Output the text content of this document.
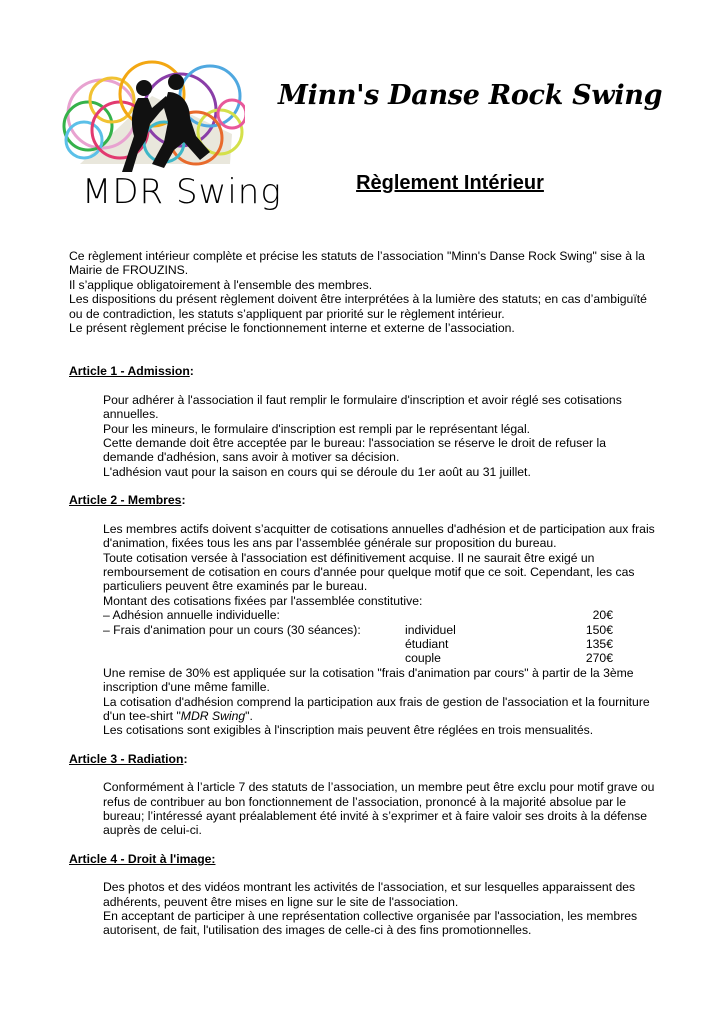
MDR Swing
Minn's Danse Rock Swing
Règlement Intérieur

Ce règlement intérieur complète et précise les statuts de l’association "Minn's Danse Rock Swing" sise à la Mairie de FROUZINS.

Il s’applique obligatoirement à l'ensemble des membres.

Les dispositions du présent règlement doivent être interprétées à la lumière des statuts; en cas d’ambiguïté ou de contradiction, les statuts s’appliquent par priorité sur le règlement intérieur.

Le présent règlement précise le fonctionnement interne et externe de l’association.

Article 1 - Admission:

Pour adhérer à l'association il faut remplir le formulaire d'inscription et avoir réglé ses cotisations annuelles.

Pour les mineurs, le formulaire d'inscription est rempli par le représentant légal.

Cette demande doit être acceptée par le bureau: l'association se réserve le droit de refuser la demande d'adhésion, sans avoir à motiver sa décision.

L'adhésion vaut pour la saison en cours qui se déroule du 1er août au 31 juillet.

Article 2 - Membres:

Les membres actifs doivent s’acquitter de cotisations annuelles d'adhésion et de participation aux frais d'animation, fixées tous les ans par l’assemblée générale sur proposition du bureau.

Toute cotisation versée à l'association est définitivement acquise. Il ne saurait être exigé un remboursement de cotisation en cours d'année pour quelque motif que ce soit. Cependant, les cas particuliers peuvent être examinés par le bureau.

Montant des cotisations fixées par l'assemblée constitutive:

– Adhésion annuelle individuelle:	20€
– Frais d'animation pour un cours (30 séances):	individuel	150€
étudiant	135€
couple	270€

Une remise de 30% est appliquée sur la cotisation "frais d'animation par cours" à partir de la 3ème inscription d'une même famille.

La cotisation d'adhésion comprend la participation aux frais de gestion de l'association et la fourniture d'un tee-shirt "MDR Swing".

Les cotisations sont exigibles à l'inscription mais peuvent être réglées en trois mensualités.

Article 3 - Radiation:

Conformément à l’article 7 des statuts de l’association, un membre peut être exclu pour motif grave ou refus de contribuer au bon fonctionnement de l’association, prononcé à la majorité absolue par le bureau; l’intéressé ayant préalablement été invité à s’exprimer et à faire valoir ses droits à la défense auprès de celui-ci.

Article 4 - Droit à l'image:

Des photos et des vidéos montrant les activités de l'association, et sur lesquelles apparaissent des adhérents, peuvent être mises en ligne sur le site de l'association.

En acceptant de participer à une représentation collective organisée par l'association, les membres autorisent, de fait, l'utilisation des images de celle-ci à des fins promotionnelles.
